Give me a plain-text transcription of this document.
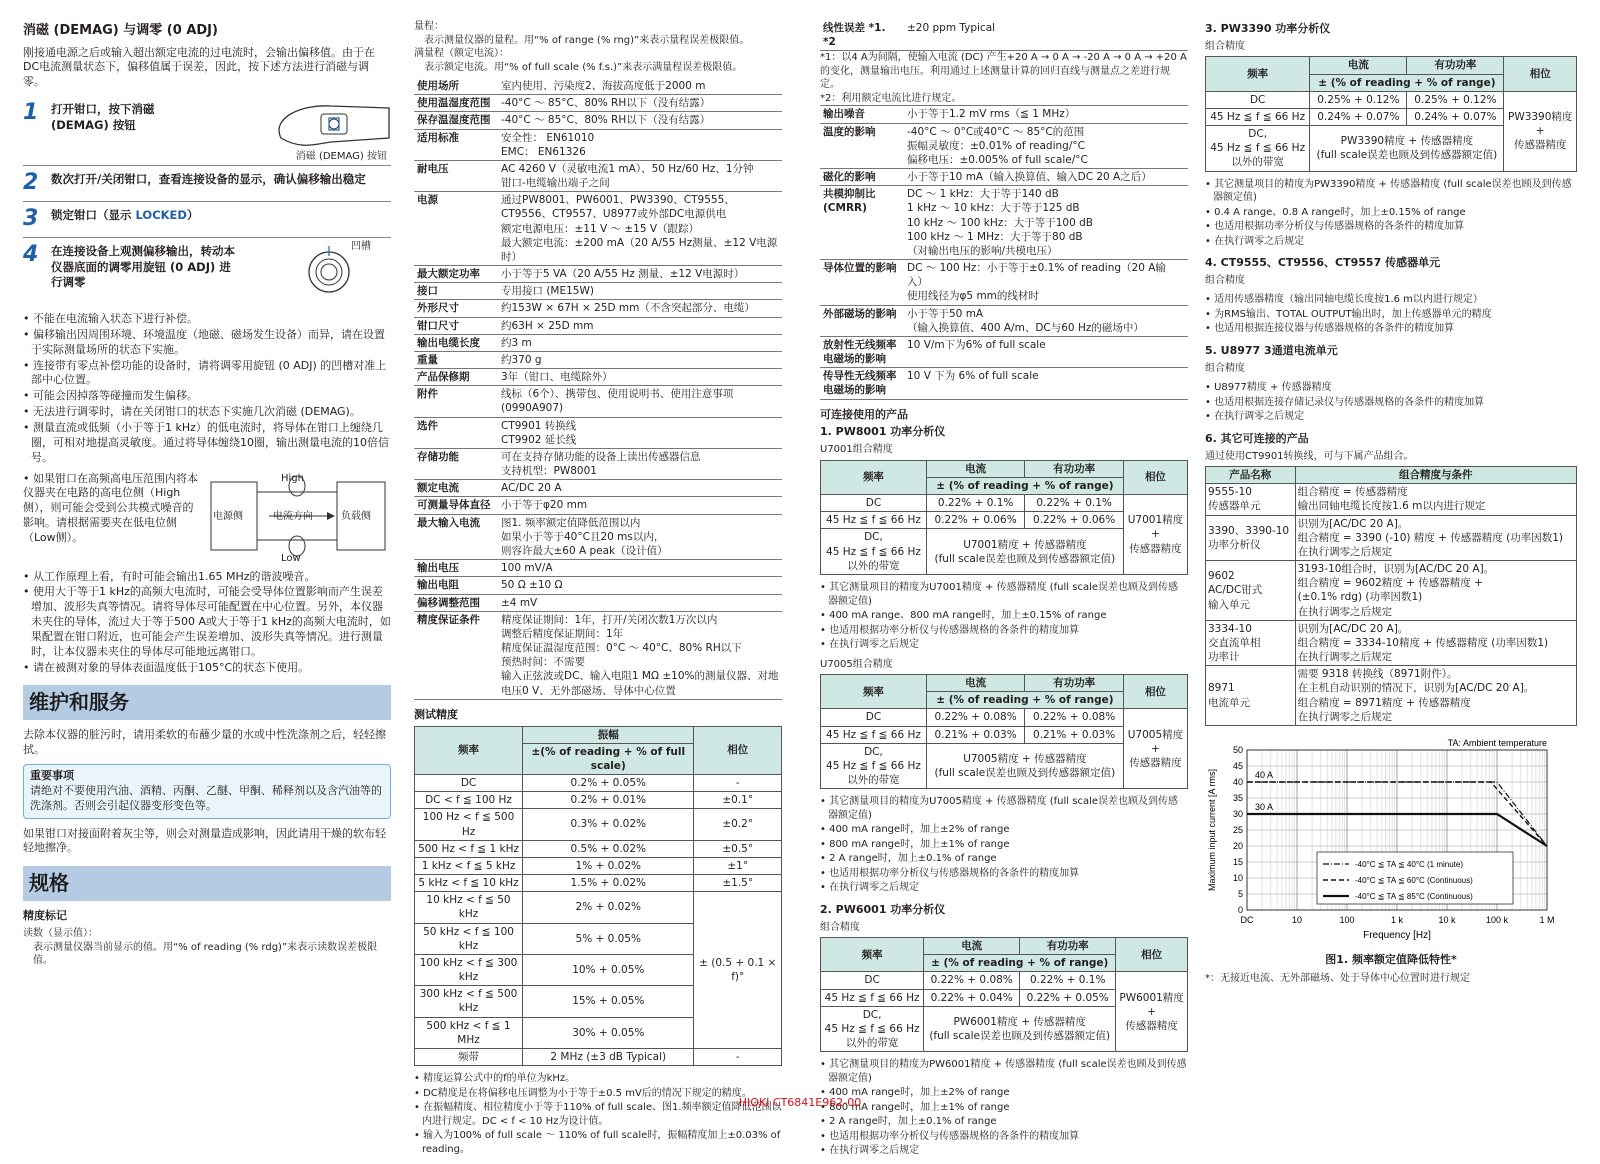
消磁 (DEMAG) 与调零 (0 ADJ)

刚接通电源之后或输入超出额定电流的过电流时，会输出偏移值。由于在DC电流测量状态下，偏移值属于误差，因此，按下述方法进行消磁与调零。

1	打开钳口，按下消磁 (DEMAG) 按钮
消磁 (DEMAG) 按钮
2	数次打开/关闭钳口，查看连接设备的显示，确认偏移输出稳定
3	锁定钳口（显示 LOCKED）
4	在连接设备上观测偏移输出，转动本仪器底面的调零用旋钮 (0 ADJ) 进行调零
凹槽
• 不能在电流输入状态下进行补偿。
• 偏移输出因周围环境、环境温度（地磁、磁场发生设备）而异，请在设置于实际测量场所的状态下实施。
• 连接带有零点补偿功能的设备时，请将调零用旋钮 (0 ADJ) 的凹槽对准上部中心位置。
• 可能会因掉落等碰撞而发生偏移。
• 无法进行调零时，请在关闭钳口的状态下实施几次消磁 (DEMAG)。
• 测量直流或低频（小于等于1 kHz）的低电流时，将导体在钳口上缠绕几圈，可相对地提高灵敏度。通过将导体缠绕10圈，输出测量电流的10倍信号。
• 如果钳口在高频高电压范围内将本仪器夹在电路的高电位侧（High侧），则可能会受到公共模式噪音的影响。请根据需要夹在低电位侧（Low侧）。
High
Low
电源侧	电流方向	负载侧
• 从工作原理上看，有时可能会输出1.65 MHz的谐波噪音。
• 使用大于等于1 kHz的高频大电流时，可能会受导体位置影响而产生误差增加、波形失真等情况。请将导体尽可能配置在中心位置。另外，本仪器未夹住的导体，流过大于等于500 A或大于等于1 kHz的高频大电流时，如果配置在钳口附近，也可能会产生误差增加、波形失真等情况。进行测量时，让本仪器未夹住的导体尽可能地远离钳口。
• 请在被测对象的导体表面温度低于105°C的状态下使用。
维护和服务

去除本仪器的脏污时，请用柔软的布蘸少量的水或中性洗涤剂之后，轻轻擦拭。

重要事项
请绝对不要使用汽油、酒精、丙酮、乙醚、甲酮、稀释剂以及含汽油等的洗涤剂。否则会引起仪器变形变色等。

如果钳口对接面附着灰尘等，则会对测量造成影响，因此请用干燥的软布轻轻地擦净。

规格
精度标记
读数（显示值）：
表示测量仪器当前显示的值。用“% of reading (% rdg)”来表示读数误差极限值。
量程：
表示测量仪器的量程。用“% of range (% rng)”来表示量程误差极限值。
满量程（额定电流）：
表示额定电流。用“% of full scale (% f.s.)”来表示满量程误差极限值。
使用场所	室内使用、污染度2、海拔高度低于2000 m
使用温湿度范围	-40°C ～ 85°C、80% RH以下（没有结露）
保存温湿度范围	-40°C ～ 85°C、80% RH以下（没有结露）
适用标准	安全性： EN61010
EMC： EN61326
耐电压	AC 4260 V（灵敏电流1 mA）、50 Hz/60 Hz、1分钟
钳口-电缆输出端子之间
电源	通过PW8001、PW6001、PW3390、CT9555、CT9556、CT9557、U8977或外部DC电源供电
额定电源电压：±11 V ～ ±15 V（跟踪）
最大额定电流：±200 mA（20 A/55 Hz测量、±12 V电源时）
最大额定功率	小于等于5 VA（20 A/55 Hz 测量、±12 V电源时）
接口	专用接口 (ME15W)
外形尺寸	约153W × 67H × 25D mm（不含突起部分、电缆）
钳口尺寸	约63H × 25D mm
输出电缆长度	约3 m
重量	约370 g
产品保修期	3年（钳口、电缆除外）
附件	线标（6个）、携带包、使用说明书、使用注意事项 (0990A907)
选件	CT9901 转换线
CT9902 延长线
存储功能	可在支持存储功能的设备上读出传感器信息
支持机型：PW8001
额定电流	AC/DC 20 A
可测量导体直径	小于等于φ20 mm
最大输入电流	图1. 频率额定值降低范围以内
如果小于等于40°C且20 ms以内，
则容许最大±60 A peak（设计值）
输出电压	100 mV/A
输出电阻	50 Ω ±10 Ω
偏移调整范围	±4 mV
精度保证条件	精度保证期间：1年，打开/关闭次数1万次以内
调整后精度保证期间：1年
精度保证温湿度范围：0°C ～ 40°C、80% RH以下
预热时间：不需要
输入正弦波或DC、输入电阻1 MΩ ±10%的测量仪器、对地电压0 V、无外部磁场、导体中心位置
测试精度
频率	振幅	相位
	±(% of reading + % of full scale)	
DC	0.2% + 0.05%	-
DC < f ≦ 100 Hz	0.2% + 0.01%	±0.1°
100 Hz < f ≦ 500 Hz	0.3% + 0.02%	±0.2°
500 Hz < f ≦ 1 kHz	0.5% + 0.02%	±0.5°
1 kHz < f ≦ 5 kHz	1% + 0.02%	±1°
5 kHz < f ≦ 10 kHz	1.5% + 0.02%	±1.5°
10 kHz < f ≦ 50 kHz	2% + 0.02%	± (0.5 + 0.1 × f)°
50 kHz < f ≦ 100 kHz	5% + 0.05%	
100 kHz < f ≦ 300 kHz	10% + 0.05%	
300 kHz < f ≦ 500 kHz	15% + 0.05%	
500 kHz < f ≦ 1 MHz	30% + 0.05%	
频带	2 MHz (±3 dB Typical)	-
• 精度运算公式中的f的单位为kHz。
• DC精度是在将偏移电压调整为小于等于±0.5 mV后的情况下规定的精度。
• 在振幅精度、相位精度小于等于110% of full scale、图1.频率额定值降低范围以内进行规定。DC < f < 10 Hz为设计值。
• 输入为100% of full scale ～ 110% of full scale时，振幅精度加上±0.03% of reading。
线性误差 *1. *2	±20 ppm Typical
*1：以4 A为间隔，使输入电流 (DC) 产生+20 A → 0 A → -20 A → 0 A → +20 A的变化，测量输出电压。利用通过上述测量计算的回归直线与测量点之差进行规定。
*2：利用额定电流比进行规定。
输出噪音	小于等于1.2 mV rms（≦ 1 MHz）
温度的影响	-40°C ～ 0°C或40°C ～ 85°C的范围
振幅灵敏度：±0.01% of reading/°C
偏移电压：±0.005% of full scale/°C
磁化的影响	小于等于10 mA（输入换算值、输入DC 20 A之后）
共模抑制比
(CMRR)	DC ～ 1 kHz：大于等于140 dB
1 kHz ～ 10 kHz：大于等于125 dB
10 kHz ～ 100 kHz：大于等于100 dB
100 kHz ～ 1 MHz：大于等于80 dB
（对输出电压的影响/共模电压）
导体位置的影响	DC ～ 100 Hz：小于等于±0.1% of reading（20 A输入）
使用线径为φ5 mm的线材时
外部磁场的影响	小于等于50 mA
（输入换算值、400 A/m、DC与60 Hz的磁场中）
放射性无线频率电磁场的影响	10 V/m下为6% of full scale
传导性无线频率电磁场的影响	10 V 下为 6% of full scale
可连接使用的产品
1. PW8001 功率分析仪
U7001组合精度
频率	电流	有功功率	相位
	± (% of reading + % of range)		
DC	0.22% + 0.1%	0.22% + 0.1%	U7001精度
+
传感器精度
45 Hz ≦ f ≦ 66 Hz	0.22% + 0.06%	0.22% + 0.06%	
DC,
45 Hz ≦ f ≦ 66 Hz
以外的带宽	U7001精度 + 传感器精度
(full scale误差也顾及到传感器额定值)		
• 其它测量项目的精度为U7001精度 + 传感器精度 (full scale误差也顾及到传感器额定值)
• 400 mA range、800 mA range时，加上±0.15% of range
• 也适用根据功率分析仪与传感器规格的各条件的精度加算
• 在执行调零之后规定
U7005组合精度
频率	电流	有功功率	相位
	± (% of reading + % of range)		
DC	0.22% + 0.08%	0.22% + 0.08%	U7005精度
+
传感器精度
45 Hz ≦ f ≦ 66 Hz	0.21% + 0.03%	0.21% + 0.03%	
DC,
45 Hz ≦ f ≦ 66 Hz
以外的带宽	U7005精度 + 传感器精度
(full scale误差也顾及到传感器额定值)		
• 其它测量项目的精度为U7005精度 + 传感器精度 (full scale误差也顾及到传感器额定值)
• 400 mA range时，加上±2% of range
• 800 mA range时，加上±1% of range
• 2 A range时，加上±0.1% of range
• 也适用根据功率分析仪与传感器规格的各条件的精度加算
• 在执行调零之后规定
2. PW6001 功率分析仪
组合精度
频率	电流	有功功率	相位
	± (% of reading + % of range)		
DC	0.22% + 0.08%	0.22% + 0.1%	PW6001精度
+
传感器精度
45 Hz ≦ f ≦ 66 Hz	0.22% + 0.04%	0.22% + 0.05%	
DC,
45 Hz ≦ f ≦ 66 Hz
以外的带宽	PW6001精度 + 传感器精度
(full scale误差也顾及到传感器额定值)		
• 其它测量项目的精度为PW6001精度 + 传感器精度 (full scale误差也顾及到传感器额定值)
• 400 mA range时，加上±2% of range
• 800 mA range时，加上±1% of range
• 2 A range时，加上±0.1% of range
• 也适用根据功率分析仪与传感器规格的各条件的精度加算
• 在执行调零之后规定
3. PW3390 功率分析仪
组合精度
频率	电流	有功功率	相位
	± (% of reading + % of range)		
DC	0.25% + 0.12%	0.25% + 0.12%	PW3390精度
+
传感器精度
45 Hz ≦ f ≦ 66 Hz	0.24% + 0.07%	0.24% + 0.07%	
DC,
45 Hz ≦ f ≦ 66 Hz
以外的带宽	PW3390精度 + 传感器精度
(full scale误差也顾及到传感器额定值)		
• 其它测量项目的精度为PW3390精度 + 传感器精度 (full scale误差也顾及到传感器额定值)
• 0.4 A range、0.8 A range时，加上±0.15% of range
• 也适用根据功率分析仪与传感器规格的各条件的精度加算
• 在执行调零之后规定
4. CT9555、CT9556、CT9557 传感器单元
组合精度
• 适用传感器精度（输出同轴电缆长度按1.6 m以内进行规定）
• 为RMS输出、TOTAL OUTPUT输出时，加上传感器单元的精度
• 也适用根据连接仪器与传感器规格的各条件的精度加算
5. U8977 3通道电流单元
组合精度
• U8977精度 + 传感器精度
• 也适用根据连接存储记录仪与传感器规格的各条件的精度加算
• 在执行调零之后规定
6. 其它可连接的产品
通过使用CT9901转换线，可与下属产品组合。
产品名称	组合精度与条件
9555-10
传感器单元	组合精度 = 传感器精度
输出同轴电缆长度按1.6 m以内进行规定
3390、3390-10
功率分析仪	识别为[AC/DC 20 A]。
组合精度 = 3390 (-10) 精度 + 传感器精度 (功率因数1)
在执行调零之后规定
9602
AC/DC钳式
输入单元	3193-10组合时，识别为[AC/DC 20 A]。
组合精度 = 9602精度 + 传感器精度 +
(±0.1% rdg) (功率因数1)
在执行调零之后规定
3334-10
交直流单相
功率计	识别为[AC/DC 20 A]。
组合精度 = 3334-10精度 + 传感器精度 (功率因数1)
在执行调零之后规定
8971
电流单元	需要 9318 转换线（8971附件）。
在主机自动识别的情况下，识别为[AC/DC 20 A]。
组合精度 = 8971精度 + 传感器精度
在执行调零之后规定
0
5
10
15
20
25
30
35
40
45
50
DC	10	100	1 k	10 k	100 k	1 M
40 A
30 A
TA: Ambient temperature
Frequency [Hz]
Maximum input current [A rms]	-40°C ≦ TA ≦ 40°C (1 minute)
-40°C ≦ TA ≦ 60°C (Continuous)
-40°C ≦ TA ≦ 85°C (Continuous)
图1. 频率额定值降低特性*
*：无接近电流、无外部磁场、处于导体中心位置时进行规定
HIOKI CT6841E962-00
